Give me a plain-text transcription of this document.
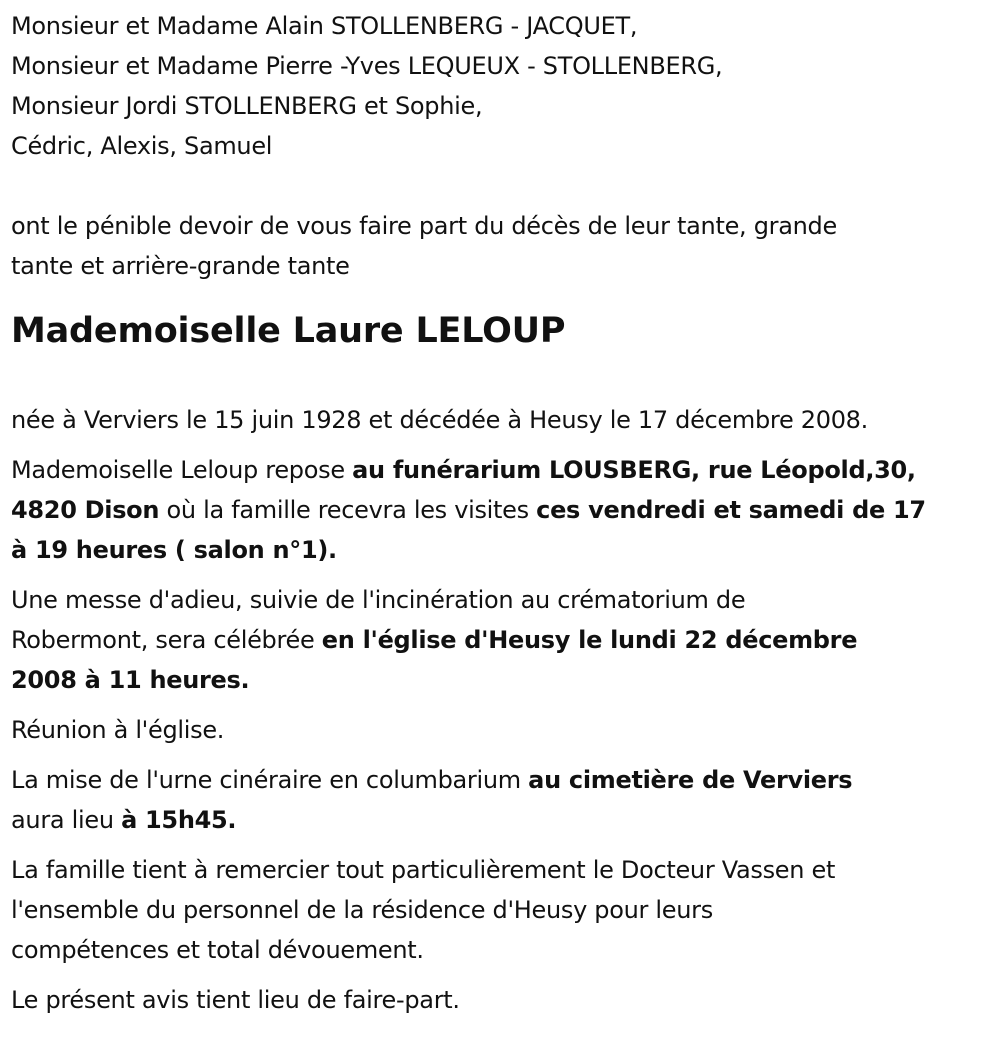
Monsieur et Madame Alain STOLLENBERG - JACQUET,
Monsieur et Madame Pierre -Yves LEQUEUX - STOLLENBERG,
Monsieur Jordi STOLLENBERG et Sophie,
Cédric, Alexis, Samuel
ont le pénible devoir de vous faire part du décès de leur tante, grande
tante et arrière-grande tante
Mademoiselle Laure LELOUP
née à Verviers le 15 juin 1928 et décédée à Heusy le 17 décembre 2008.
Mademoiselle Leloup repose au funérarium LOUSBERG, rue Léopold,30,
4820 Dison où la famille recevra les visites ces vendredi et samedi de 17
à 19 heures ( salon n°1).
Une messe d'adieu, suivie de l'incinération au crématorium de
Robermont, sera célébrée en l'église d'Heusy le lundi 22 décembre
2008 à 11 heures.
Réunion à l'église.
La mise de l'urne cinéraire en columbarium au cimetière de Verviers
aura lieu à 15h45.
La famille tient à remercier tout particulièrement le Docteur Vassen et
l'ensemble du personnel de la résidence d'Heusy pour leurs
compétences et total dévouement.
Le présent avis tient lieu de faire-part.
